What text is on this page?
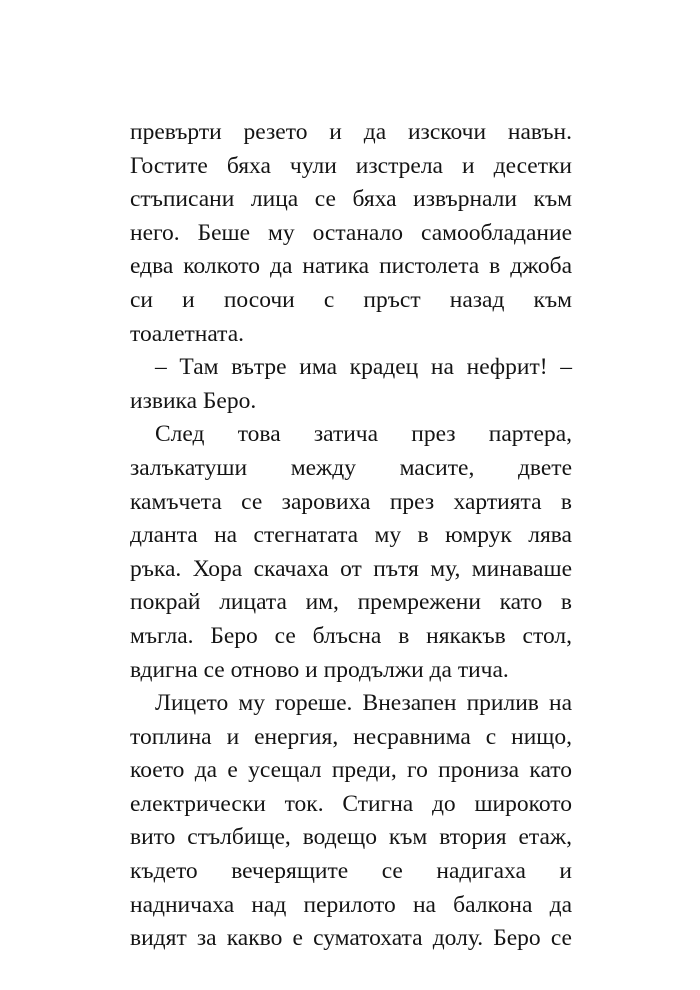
превърти резето и да изскочи навън.
Гостите бяха чули изстрела и десетки
стъписани лица се бяха извърнали към
него. Беше му останало самообладание
едва колкото да натика пистолета в джоба
си и посочи с пръст назад към
тоалетната.
– Там вътре има крадец на нефрит! –
извика Беро.
След това затича през партера,
залъкатуши между масите, двете
камъчета се заровиха през хартията в
дланта на стегнатата му в юмрук лява
ръка. Хора скачаха от пътя му, минаваше
покрай лицата им, премрежени като в
мъгла. Беро се блъсна в някакъв стол,
вдигна се отново и продължи да тича.
Лицето му гореше. Внезапен прилив на
топлина и енергия, несравнима с нищо,
което да е усещал преди, го прониза като
електрически ток. Стигна до широкото
вито стълбище, водещо към втория етаж,
където вечерящите се надигаха и
надничаха над перилото на балкона да
видят за какво е суматохата долу. Беро се
